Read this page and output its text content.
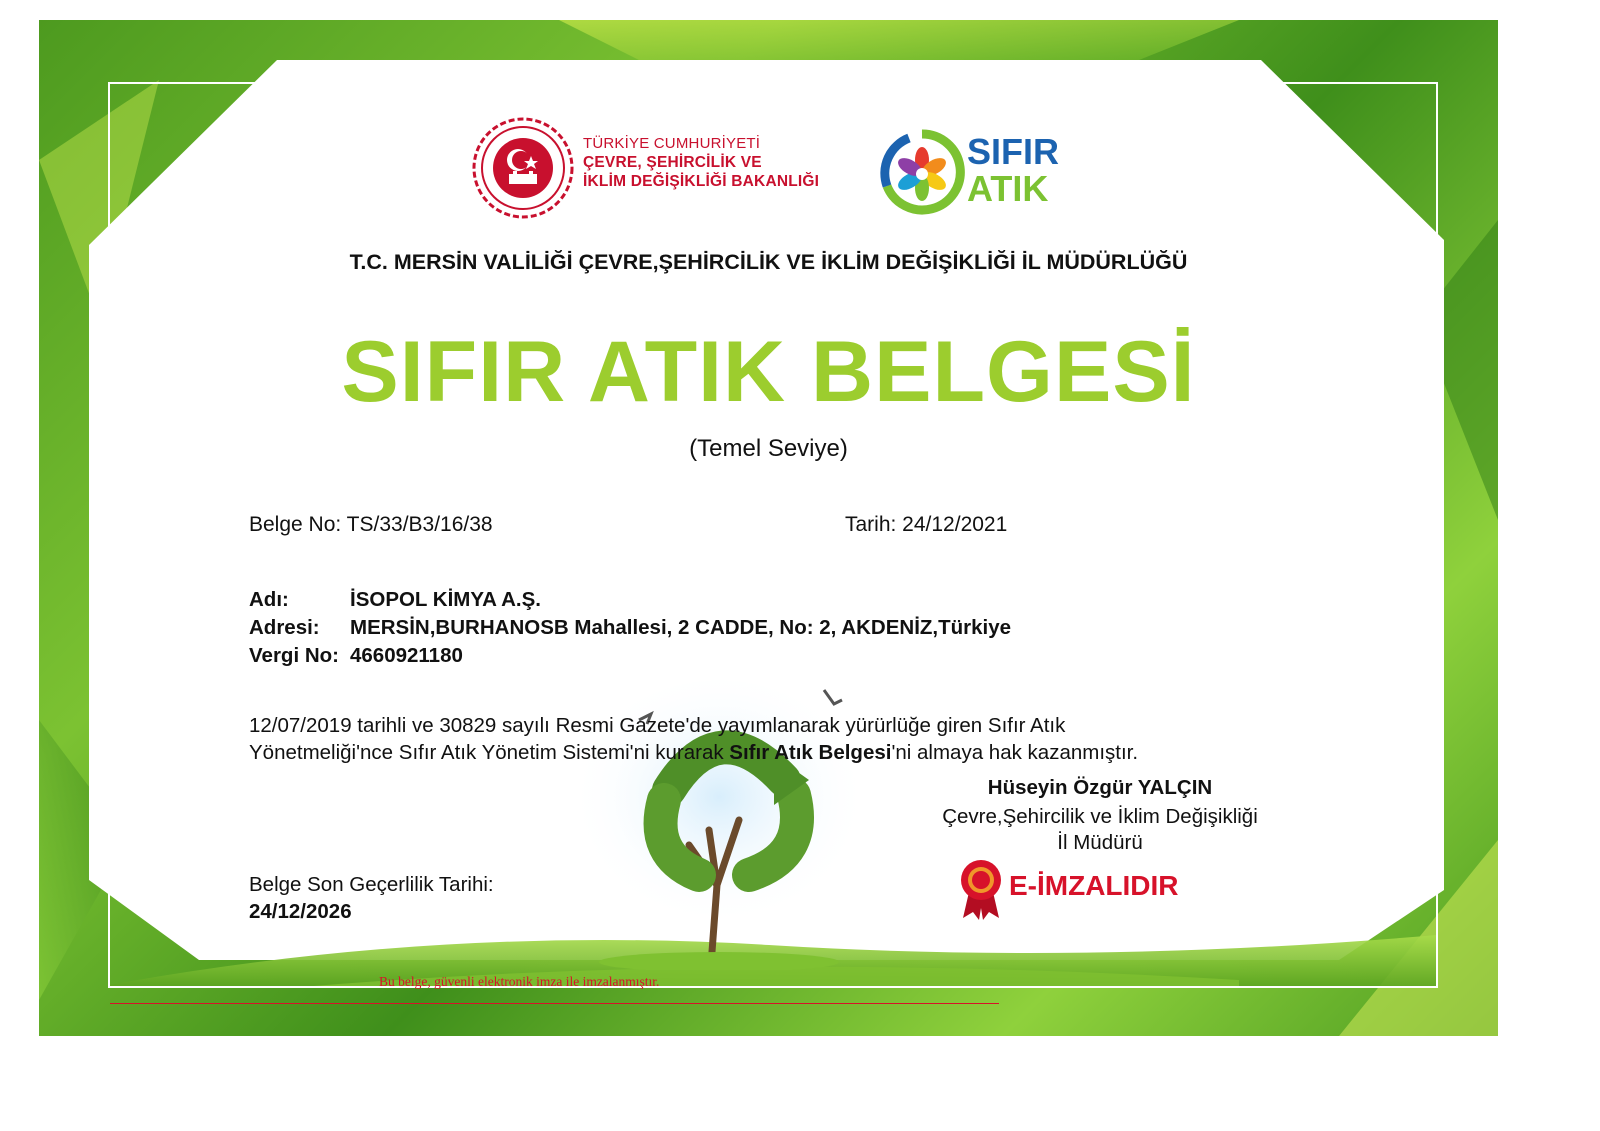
TÜRKİYE CUMHURİYETİ
ÇEVRE, ŞEHİRCİLİK VE
İKLİM DEĞİŞİKLİĞİ BAKANLIĞI
SIFIR
ATIK
T.C. MERSİN VALİLİĞİ ÇEVRE,ŞEHİRCİLİK VE İKLİM DEĞİŞİKLİĞİ İL MÜDÜRLÜĞÜ
SIFIR ATIK BELGESİ
(Temel Seviye)
Belge No: TS/33/B3/16/38	Tarih: 24/12/2021
Adı:	İSOPOL KİMYA A.Ş.
Adresi: MERSİN,BURHANOSB Mahallesi, 2 CADDE, No: 2, AKDENİZ,Türkiye
Vergi No: 4660921180
12/07/2019 tarihli ve 30829 sayılı Resmi Gazete'de yayımlanarak yürürlüğe giren Sıfır Atık
Yönetmeliği'nce Sıfır Atık Yönetim Sistemi'ni kurarak Sıfır Atık Belgesi'ni almaya hak kazanmıştır.
Hüseyin Özgür YALÇIN
Çevre,Şehircilik ve İklim Değişikliği
İl Müdürü
E-İMZALIDIR
Belge Son Geçerlilik Tarihi:
24/12/2026
Bu belge, güvenli elektronik imza ile imzalanmıştır.
